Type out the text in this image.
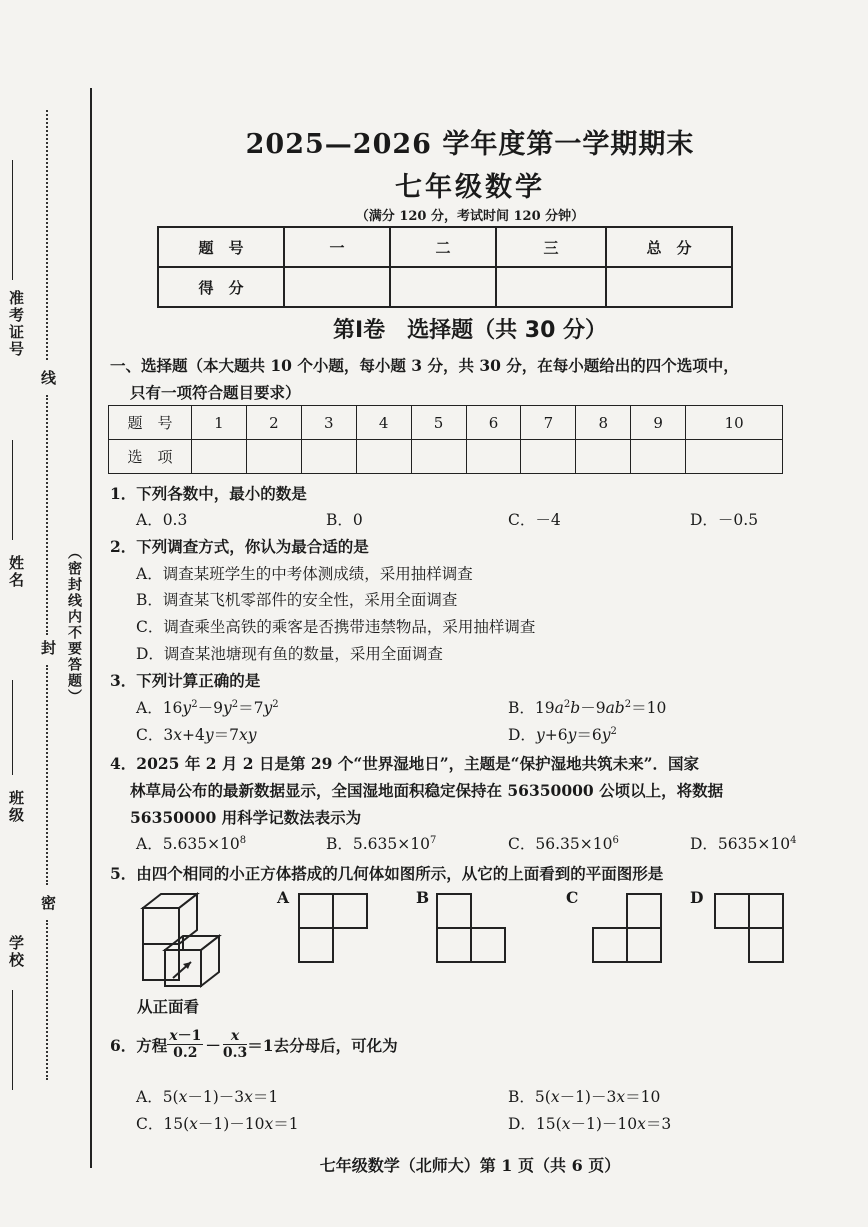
准考证号
姓名
班级
学校
线
封
密
（密封线内不要答题）
2025—2026 学年度第一学期期末
七年级数学
（满分 120 分，考试时间 120 分钟）
题　号	一	二	三	总　分
得　分				
第Ⅰ卷　选择题（共 30 分）
一、选择题（本大题共 10 个小题，每小题 3 分，共 30 分，在每小题给出的四个选项中，
只有一项符合题目要求）
题　号	1	2	3	4	5	6	7	8	9	10
选　项										
1．下列各数中，最小的数是
A．0.3	B．0	C．－4	D．－0.5
2．下列调查方式，你认为最合适的是
A．调查某班学生的中考体测成绩，采用抽样调查
B．调查某飞机零部件的安全性，采用全面调查
C．调查乘坐高铁的乘客是否携带违禁物品，采用抽样调查
D．调查某池塘现有鱼的数量，采用全面调查
3．下列计算正确的是
A．$16y^2-9y^2=7y^2$	B．$19a^2b-9ab^2=10$
C．3x+4y＝7xy	D．$y+6y=6y^2$
4．2025 年 2 月 2 日是第 29 个“世界湿地日”，主题是“保护湿地共筑未来”．国家
林草局公布的最新数据显示，全国湿地面积稳定保持在 56350000 公顷以上，将数据
56350000 用科学记数法表示为
A．$5.635\times 10^8$	B．$5.635\times 10^7$	C．$56.35\times 10^6$	D．$5635\times 10^4$
5．由四个相同的小正方体搭成的几何体如图所示，从它的上面看到的平面图形是
从正面看
A	B	C	D
6．方程 $\frac{x-1}{0.2} - \frac{x}{0.3} =1$ 去分母后，可化为
A．5(x－1)－3x＝1	B．5(x－1)－3x＝10
C．15(x－1)－10x＝1	D．15(x－1)－10x＝3
七年级数学（北师大）第 1 页（共 6 页）
